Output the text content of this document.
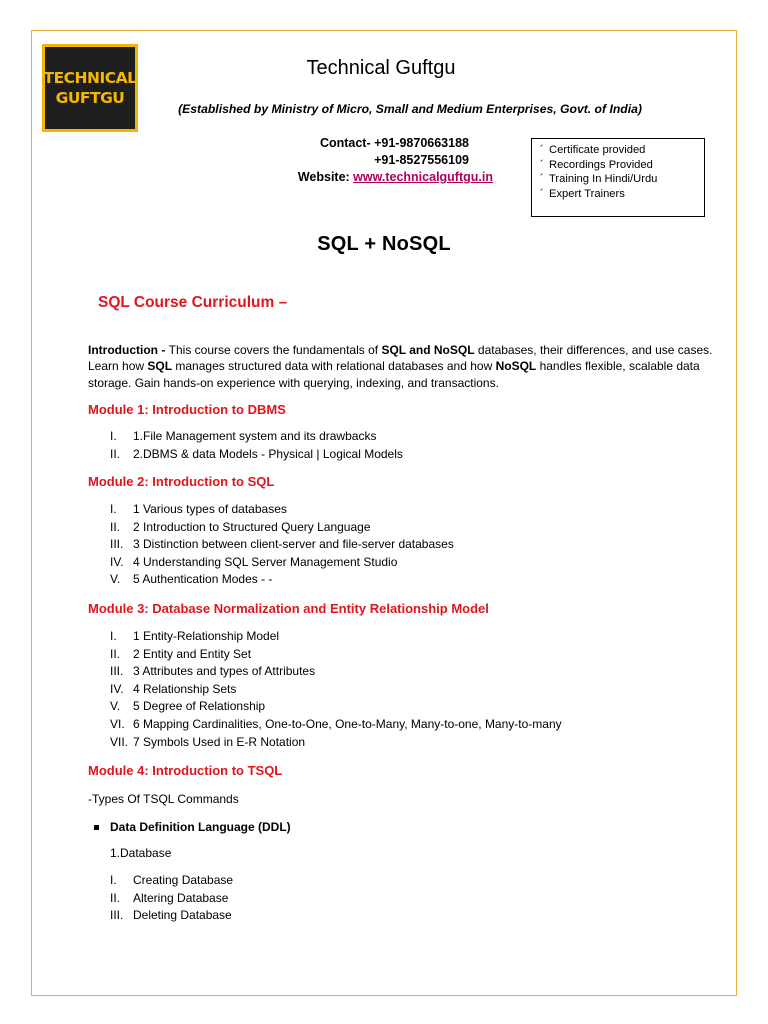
TECHNICAL
GUFTGU
Technical Guftgu
(Established by Ministry of Micro, Small and Medium Enterprises, Govt. of India)
Contact- +91-9870663188
+91-8527556109
Website: www.technicalguftgu.in
´ Certificate provided
´ Recordings Provided
´ Training In Hindi/Urdu
´ Expert Trainers
SQL + NoSQL
SQL Course Curriculum –
Introduction - This course covers the fundamentals of SQL and NoSQL databases, their differences, and use cases. Learn how SQL manages structured data with relational databases and how NoSQL handles flexible, scalable data storage. Gain hands-on experience with querying, indexing, and transactions.
Module 1: Introduction to DBMS
I.	1.File Management system and its drawbacks
II.	2.DBMS & data Models - Physical | Logical Models
Module 2: Introduction to SQL
I.	1 Various types of databases
II.	2 Introduction to Structured Query Language
III. 3 Distinction between client-server and file-server databases
IV. 4 Understanding SQL Server Management Studio
V.	5 Authentication Modes - -
Module 3: Database Normalization and Entity Relationship Model
I.	1 Entity-Relationship Model
II.	2 Entity and Entity Set
III. 3 Attributes and types of Attributes
IV. 4 Relationship Sets
V.	5 Degree of Relationship
VI. 6 Mapping Cardinalities, One-to-One, One-to-Many, Many-to-one, Many-to-many
VII. 7 Symbols Used in E-R Notation
Module 4: Introduction to TSQL
-Types Of TSQL Commands
Data Definition Language (DDL)
1.Database
I.	Creating Database
II.	Altering Database
III. Deleting Database
